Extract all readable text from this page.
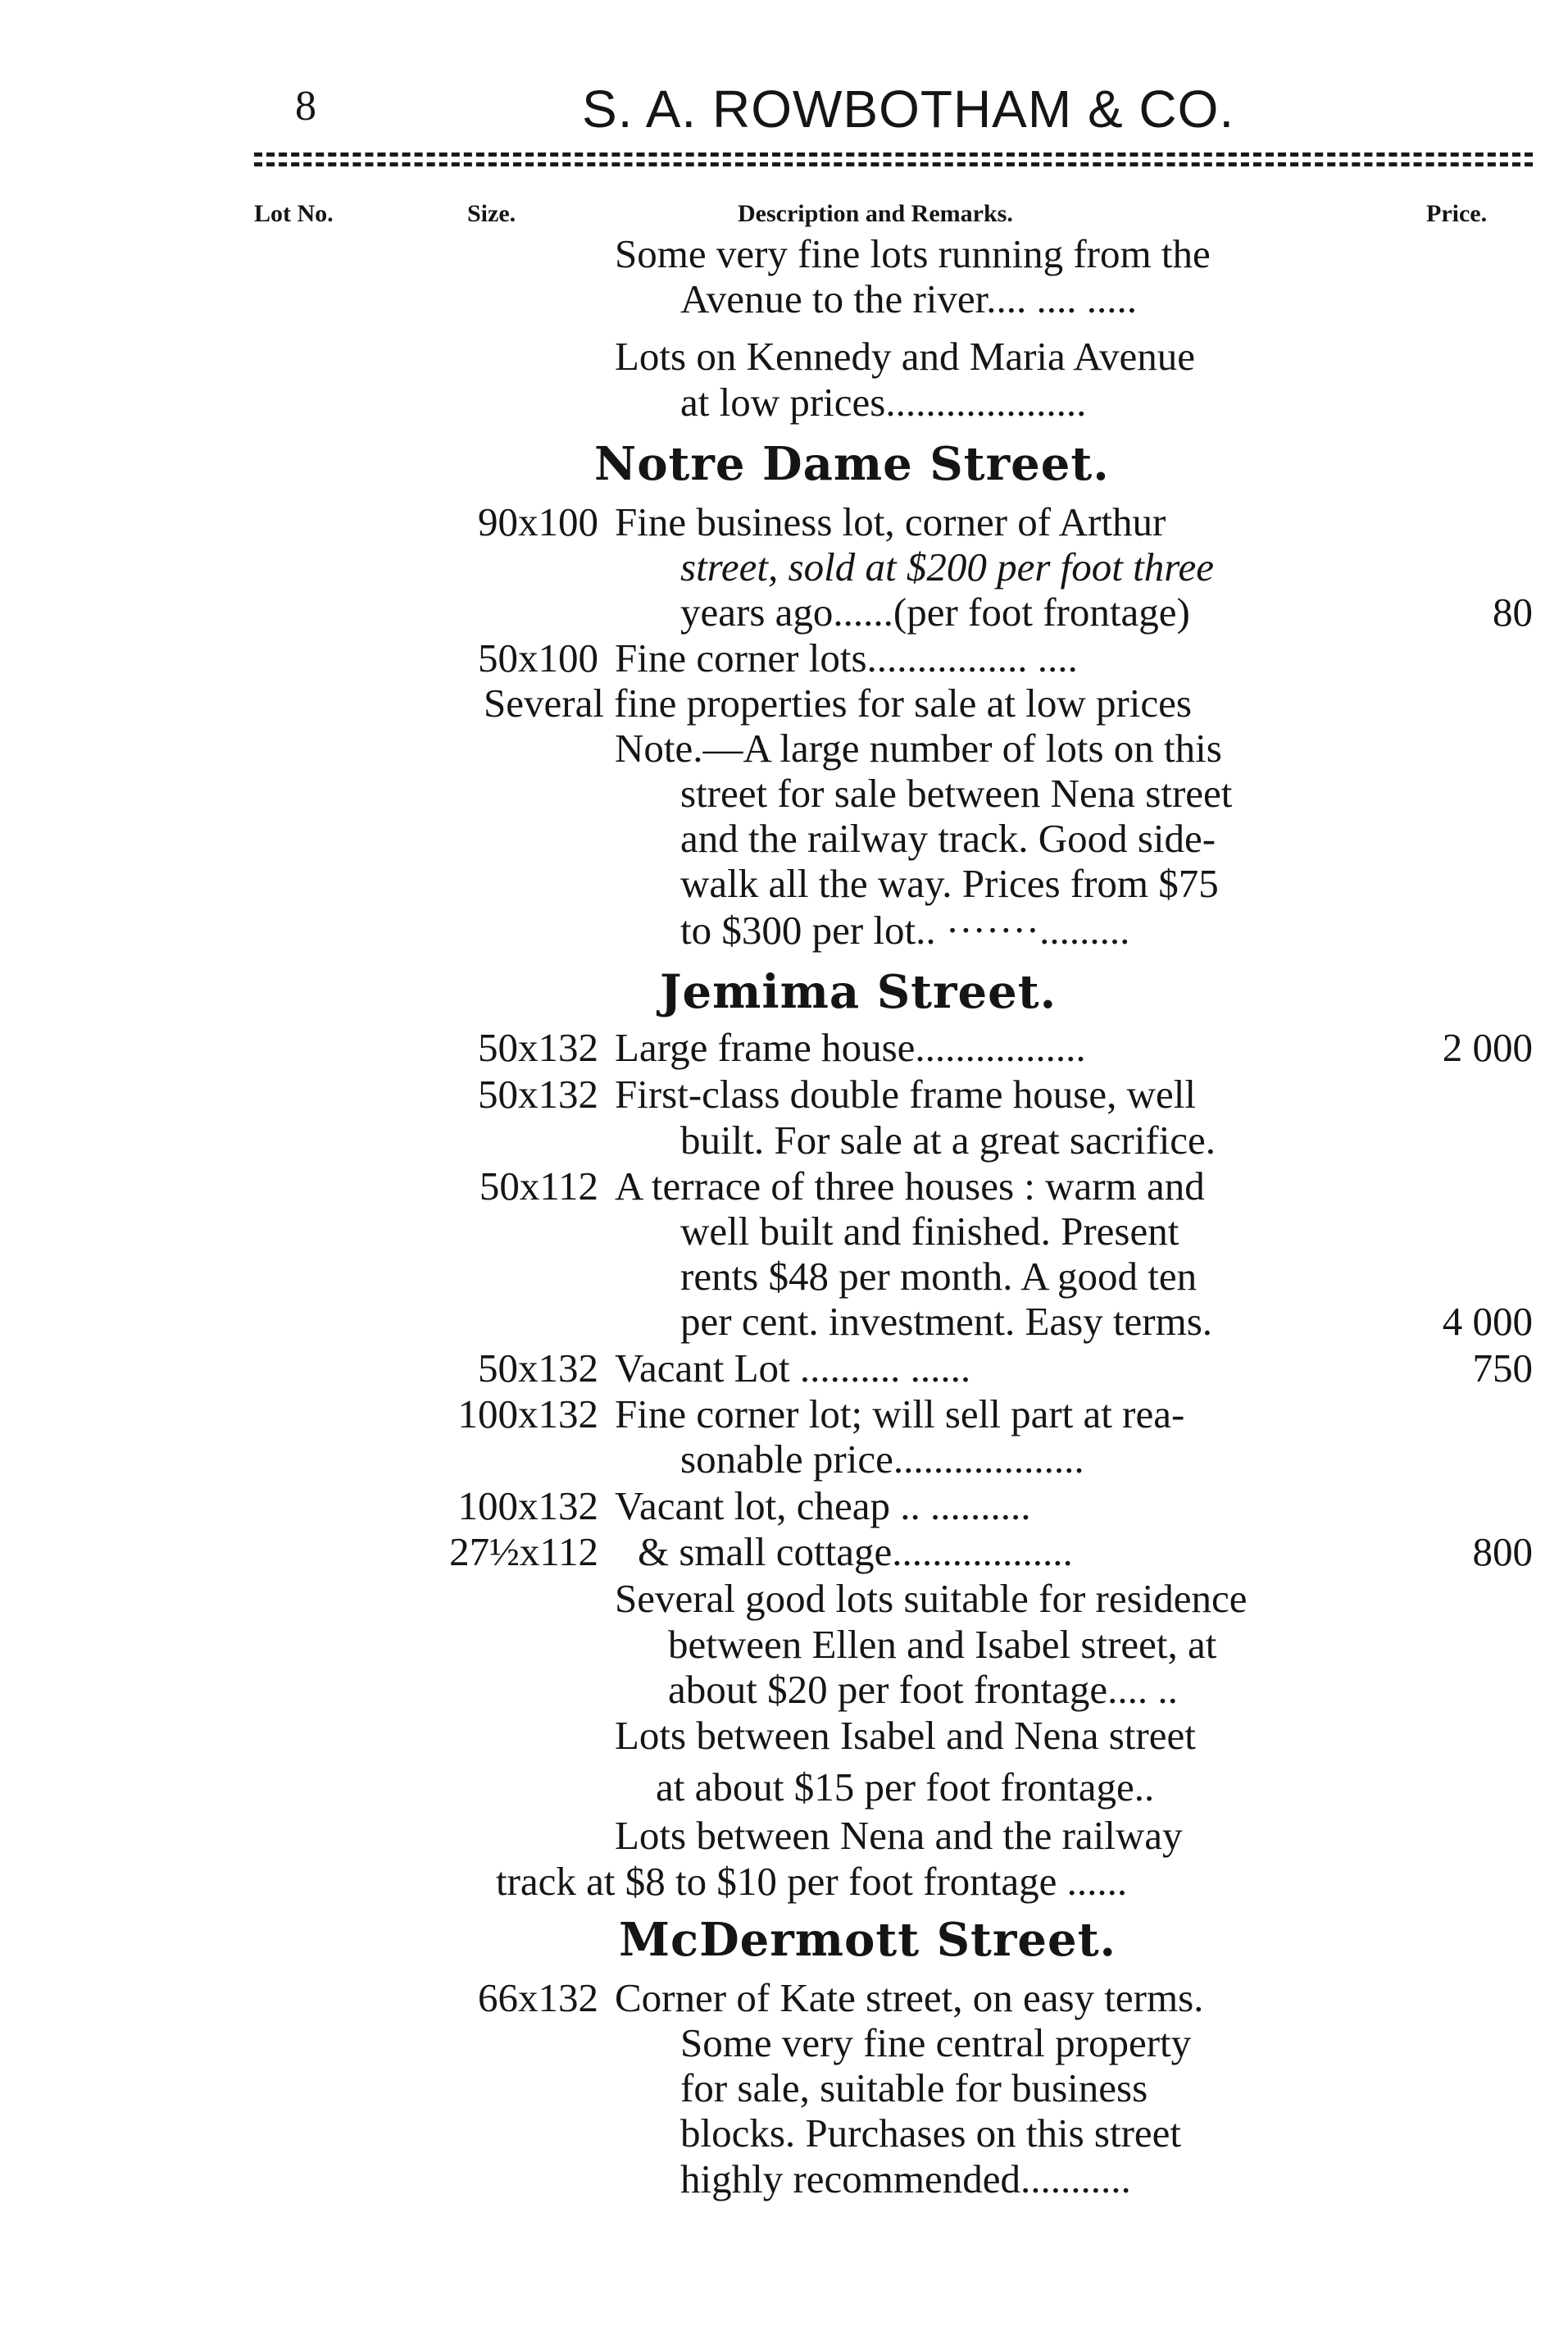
8	S. A. ROWBOTHAM & CO.
Lot No.	Size.	Description and Remarks.	Price.
Some very fine lots running from the
Avenue to the river.... .... .....
Lots on Kennedy and Maria Avenue
at low prices....................
Notre Dame Street.
90x100 Fine business lot, corner of Arthur
street, sold at $200 per foot three
years ago......(per foot frontage)	80
50x100 Fine corner lots................ ....
Several fine properties for sale at low prices
Note.—A large number of lots on this
street for sale between Nena street
and the railway track. Good side-
walk all the way. Prices from $75
to $300 per lot.. ·······.........
Jemima Street.
50x132 Large frame house.................	2 000
50x132 First-class double frame house, well
built. For sale at a great sacrifice.
50x112 A terrace of three houses : warm and
well built and finished. Present
rents $48 per month. A good ten
per cent. investment. Easy terms.	4 000
50x132 Vacant Lot .......... ......	750
100x132 Fine corner lot; will sell part at rea-
sonable price...................
100x132 Vacant lot, cheap .. ..........
27½x112 & small cottage..................	800
Several good lots suitable for residence
between Ellen and Isabel street, at
about $20 per foot frontage.... ..
Lots between Isabel and Nena street
at about $15 per foot frontage..
Lots between Nena and the railway
track at $8 to $10 per foot frontage ......
McDermott Street.
66x132 Corner of Kate street, on easy terms.
Some very fine central property
for sale, suitable for business
blocks. Purchases on this street
highly recommended...........
